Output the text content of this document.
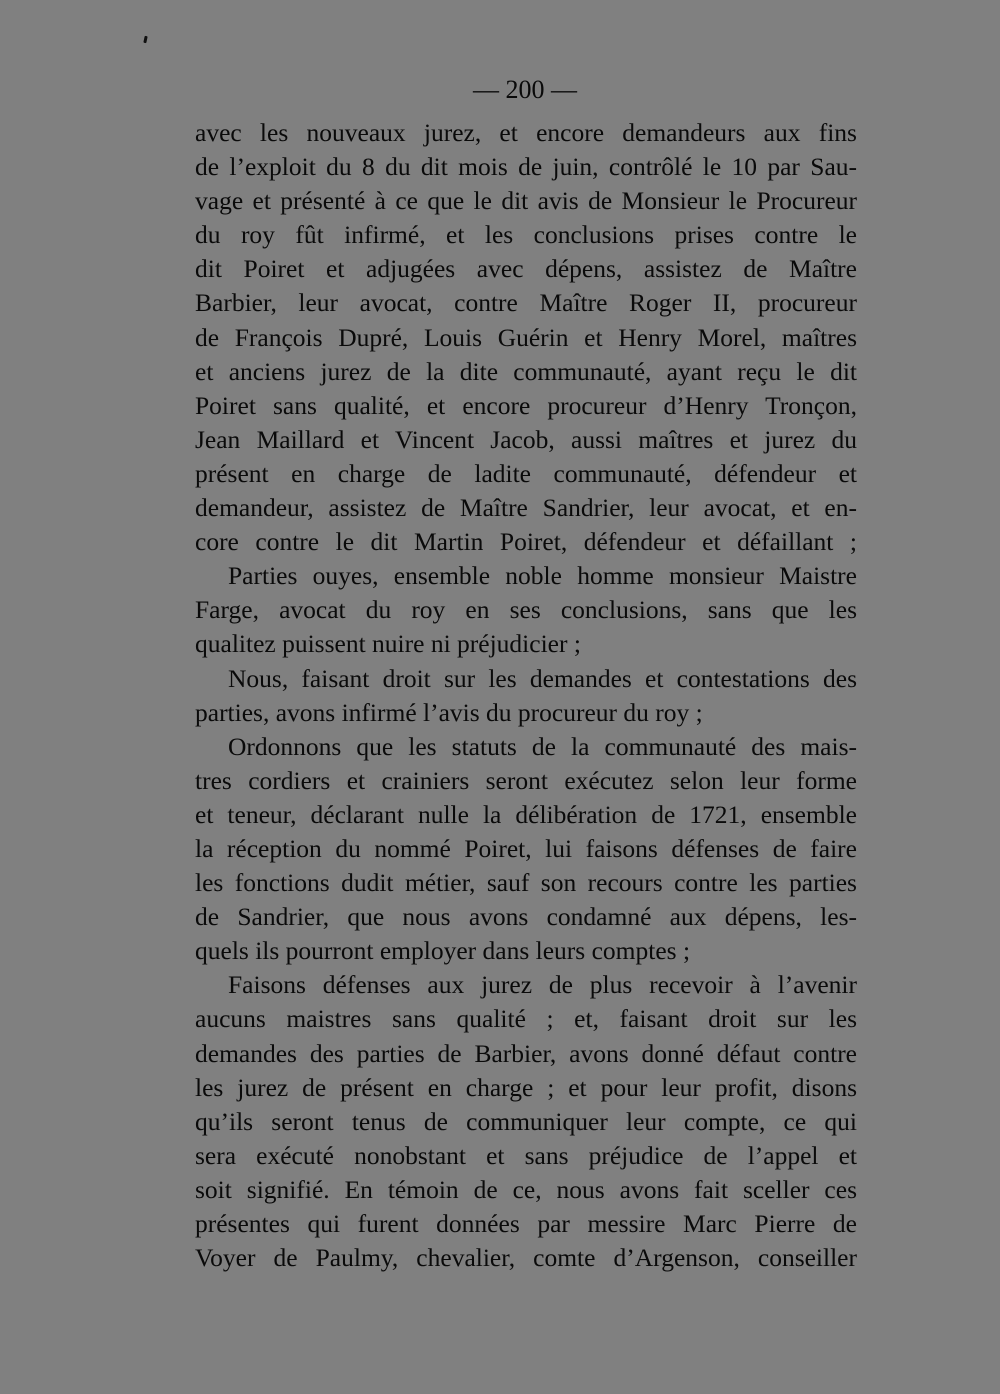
— 200 —
avec les nouveaux jurez, et encore demandeurs aux fins
de l’exploit du 8 du dit mois de juin, contrôlé le 10 par Sau-
vage et présenté à ce que le dit avis de Monsieur le Procureur
du roy fût infirmé, et les conclusions prises contre le
dit Poiret et adjugées avec dépens, assistez de Maître
Barbier, leur avocat, contre Maître Roger II, procureur
de François Dupré, Louis Guérin et Henry Morel, maîtres
et anciens jurez de la dite communauté, ayant reçu le dit
Poiret sans qualité, et encore procureur d’Henry Tronçon,
Jean Maillard et Vincent Jacob, aussi maîtres et jurez du
présent en charge de ladite communauté, défendeur et
demandeur, assistez de Maître Sandrier, leur avocat, et en-
core contre le dit Martin Poiret, défendeur et défaillant ;
Parties ouyes, ensemble noble homme monsieur Maistre
Farge, avocat du roy en ses conclusions, sans que les
qualitez puissent nuire ni préjudicier ;
Nous, faisant droit sur les demandes et contestations des
parties, avons infirmé l’avis du procureur du roy ;
Ordonnons que les statuts de la communauté des mais-
tres cordiers et crainiers seront exécutez selon leur forme
et teneur, déclarant nulle la délibération de 1721, ensemble
la réception du nommé Poiret, lui faisons défenses de faire
les fonctions dudit métier, sauf son recours contre les parties
de Sandrier, que nous avons condamné aux dépens, les-
quels ils pourront employer dans leurs comptes ;
Faisons défenses aux jurez de plus recevoir à l’avenir
aucuns maistres sans qualité ; et, faisant droit sur les
demandes des parties de Barbier, avons donné défaut contre
les jurez de présent en charge ; et pour leur profit, disons
qu’ils seront tenus de communiquer leur compte, ce qui
sera exécuté nonobstant et sans préjudice de l’appel et
soit signifié. En témoin de ce, nous avons fait sceller ces
présentes qui furent données par messire Marc Pierre de
Voyer de Paulmy, chevalier, comte d’Argenson, conseiller
